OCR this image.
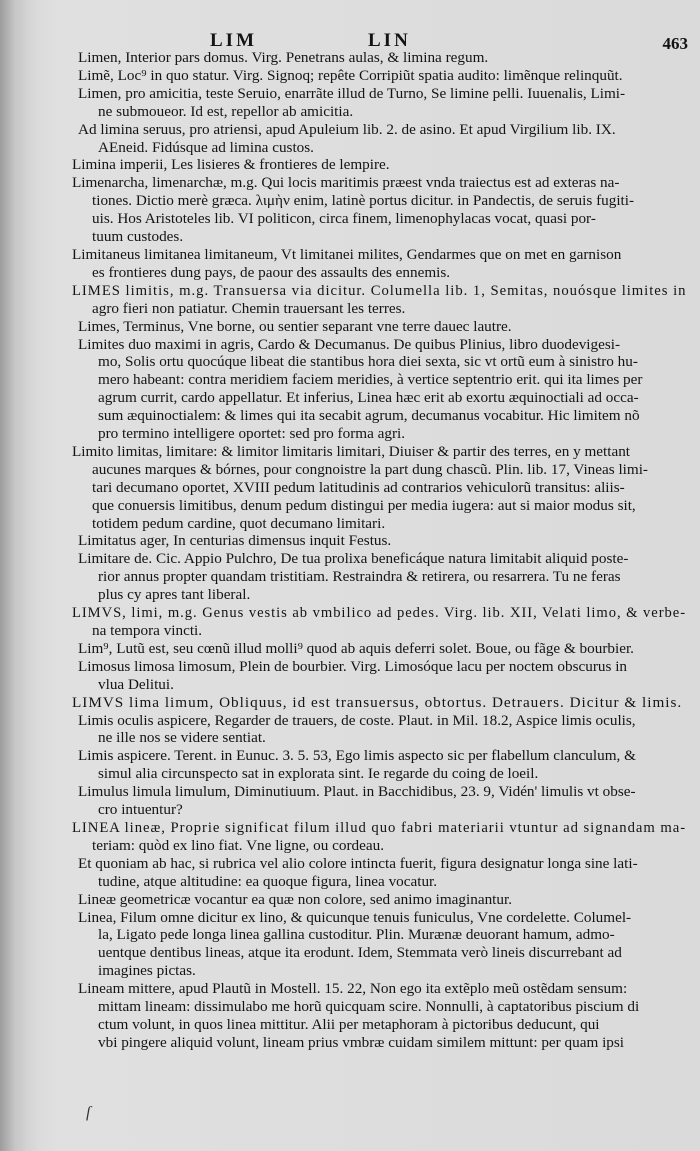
LIM	LIN	463
Limen, Interior pars domus. Virg. Penetrans aulas, & limina regum.
Limẽ, Loc⁹ in quo statur. Virg. Signoq; repête Corripiũt spatia audito: limẽnque relinquũt.
Limen, pro amicitia, teste Seruio, enarrãte illud de Turno, Se limine pelli. Iuuenalis, Limi-
ne submoueor. Id est, repellor ab amicitia.
Ad limina seruus, pro atriensi, apud Apuleium lib. 2. de asino. Et apud Virgilium lib. IX.
AEneid. Fidúsque ad limina custos.
Limina imperii, Les lisieres & frontieres de lempire.
Limenarcha, limenarchæ, m.g. Qui locis maritimis præest vnda traiectus est ad exteras na-
tiones. Dictio merè græca. λιμὴν enim, latinè portus dicitur. in Pandectis, de seruis fugiti-
uis. Hos Aristoteles lib. VI politicon, circa finem, limenophylacas vocat, quasi por-
tuum custodes.
Limitaneus limitanea limitaneum, Vt limitanei milites, Gendarmes que on met en garnison
es frontieres dung pays, de paour des assaults des ennemis.
LIMES limitis, m.g. Transuersa via dicitur. Columella lib. 1, Semitas, nouósque limites in
agro fieri non patiatur. Chemin trauersant les terres.
Limes, Terminus, Vne borne, ou sentier separant vne terre dauec lautre.
Limites duo maximi in agris, Cardo & Decumanus. De quibus Plinius, libro duodevigesi-
mo, Solis ortu quocúque libeat die stantibus hora diei sexta, sic vt ortũ eum à sinistro hu-
mero habeant: contra meridiem faciem meridies, à vertice septentrio erit. qui ita limes per
agrum currit, cardo appellatur. Et inferius, Linea hæc erit ab exortu æquinoctiali ad occa-
sum æquinoctialem: & limes qui ita secabit agrum, decumanus vocabitur. Hic limitem nõ
pro termino intelligere oportet: sed pro forma agri.
Limito limitas, limitare: & limitor limitaris limitari, Diuiser & partir des terres, en y mettant
aucunes marques & bórnes, pour congnoistre la part dung chascũ. Plin. lib. 17, Vineas limi-
tari decumano oportet, XVIII pedum latitudinis ad contrarios vehiculorũ transitus: aliis-
que conuersis limitibus, denum pedum distingui per media iugera: aut si maior modus sit,
totidem pedum cardine, quot decumano limitari.
Limitatus ager, In centurias dimensus inquit Festus.
Limitare de. Cic. Appio Pulchro, De tua prolixa beneficáque natura limitabit aliquid poste-
rior annus propter quandam tristitiam. Restraindra & retirera, ou resarrera. Tu ne feras
plus cy apres tant liberal.
LIMVS, limi, m.g. Genus vestis ab vmbilico ad pedes. Virg. lib. XII, Velati limo, & verbe-
na tempora vincti.
Lim⁹, Lutũ est, seu cœnũ illud molli⁹ quod ab aquis deferri solet. Boue, ou fãge & bourbier.
Limosus limosa limosum, Plein de bourbier. Virg. Limosóque lacu per noctem obscurus in
vlua Delitui.
LIMVS lima limum, Obliquus, id est transuersus, obtortus. Detrauers. Dicitur & limis.
Limis oculis aspicere, Regarder de trauers, de coste. Plaut. in Mil. 18.2, Aspice limis oculis,
ne ille nos se videre sentiat.
Limis aspicere. Terent. in Eunuc. 3. 5. 53, Ego limis aspecto sic per flabellum clanculum, &
simul alia circunspecto sat in explorata sint. Ie regarde du coing de loeil.
Limulus limula limulum, Diminutiuum. Plaut. in Bacchidibus, 23. 9, Vidén' limulis vt obse-
cro intuentur?
LINEA lineæ, Proprie significat filum illud quo fabri materiarii vtuntur ad signandam ma-
teriam: quòd ex lino fiat. Vne ligne, ou cordeau.
Et quoniam ab hac, si rubrica vel alio colore intincta fuerit, figura designatur longa sine lati-
tudine, atque altitudine: ea quoque figura, linea vocatur.
Lineæ geometricæ vocantur ea quæ non colore, sed animo imaginantur.
Linea, Filum omne dicitur ex lino, & quicunque tenuis funiculus, Vne cordelette. Columel-
la, Ligato pede longa linea gallina custoditur. Plin. Murænæ deuorant hamum, admo-
uentque dentibus lineas, atque ita erodunt. Idem, Stemmata verò lineis discurrebant ad
imagines pictas.
Lineam mittere, apud Plautũ in Mostell. 15. 22, Non ego ita extẽplo meũ ostẽdam sensum:
mittam lineam: dissimulabo me horũ quicquam scire. Nonnulli, à captatoribus piscium di
ctum volunt, in quos linea mittitur. Alii per metaphoram à pictoribus deducunt, qui
vbi pingere aliquid volunt, lineam prius vmbræ cuidam similem mittunt: per quam ipsi
ſ
